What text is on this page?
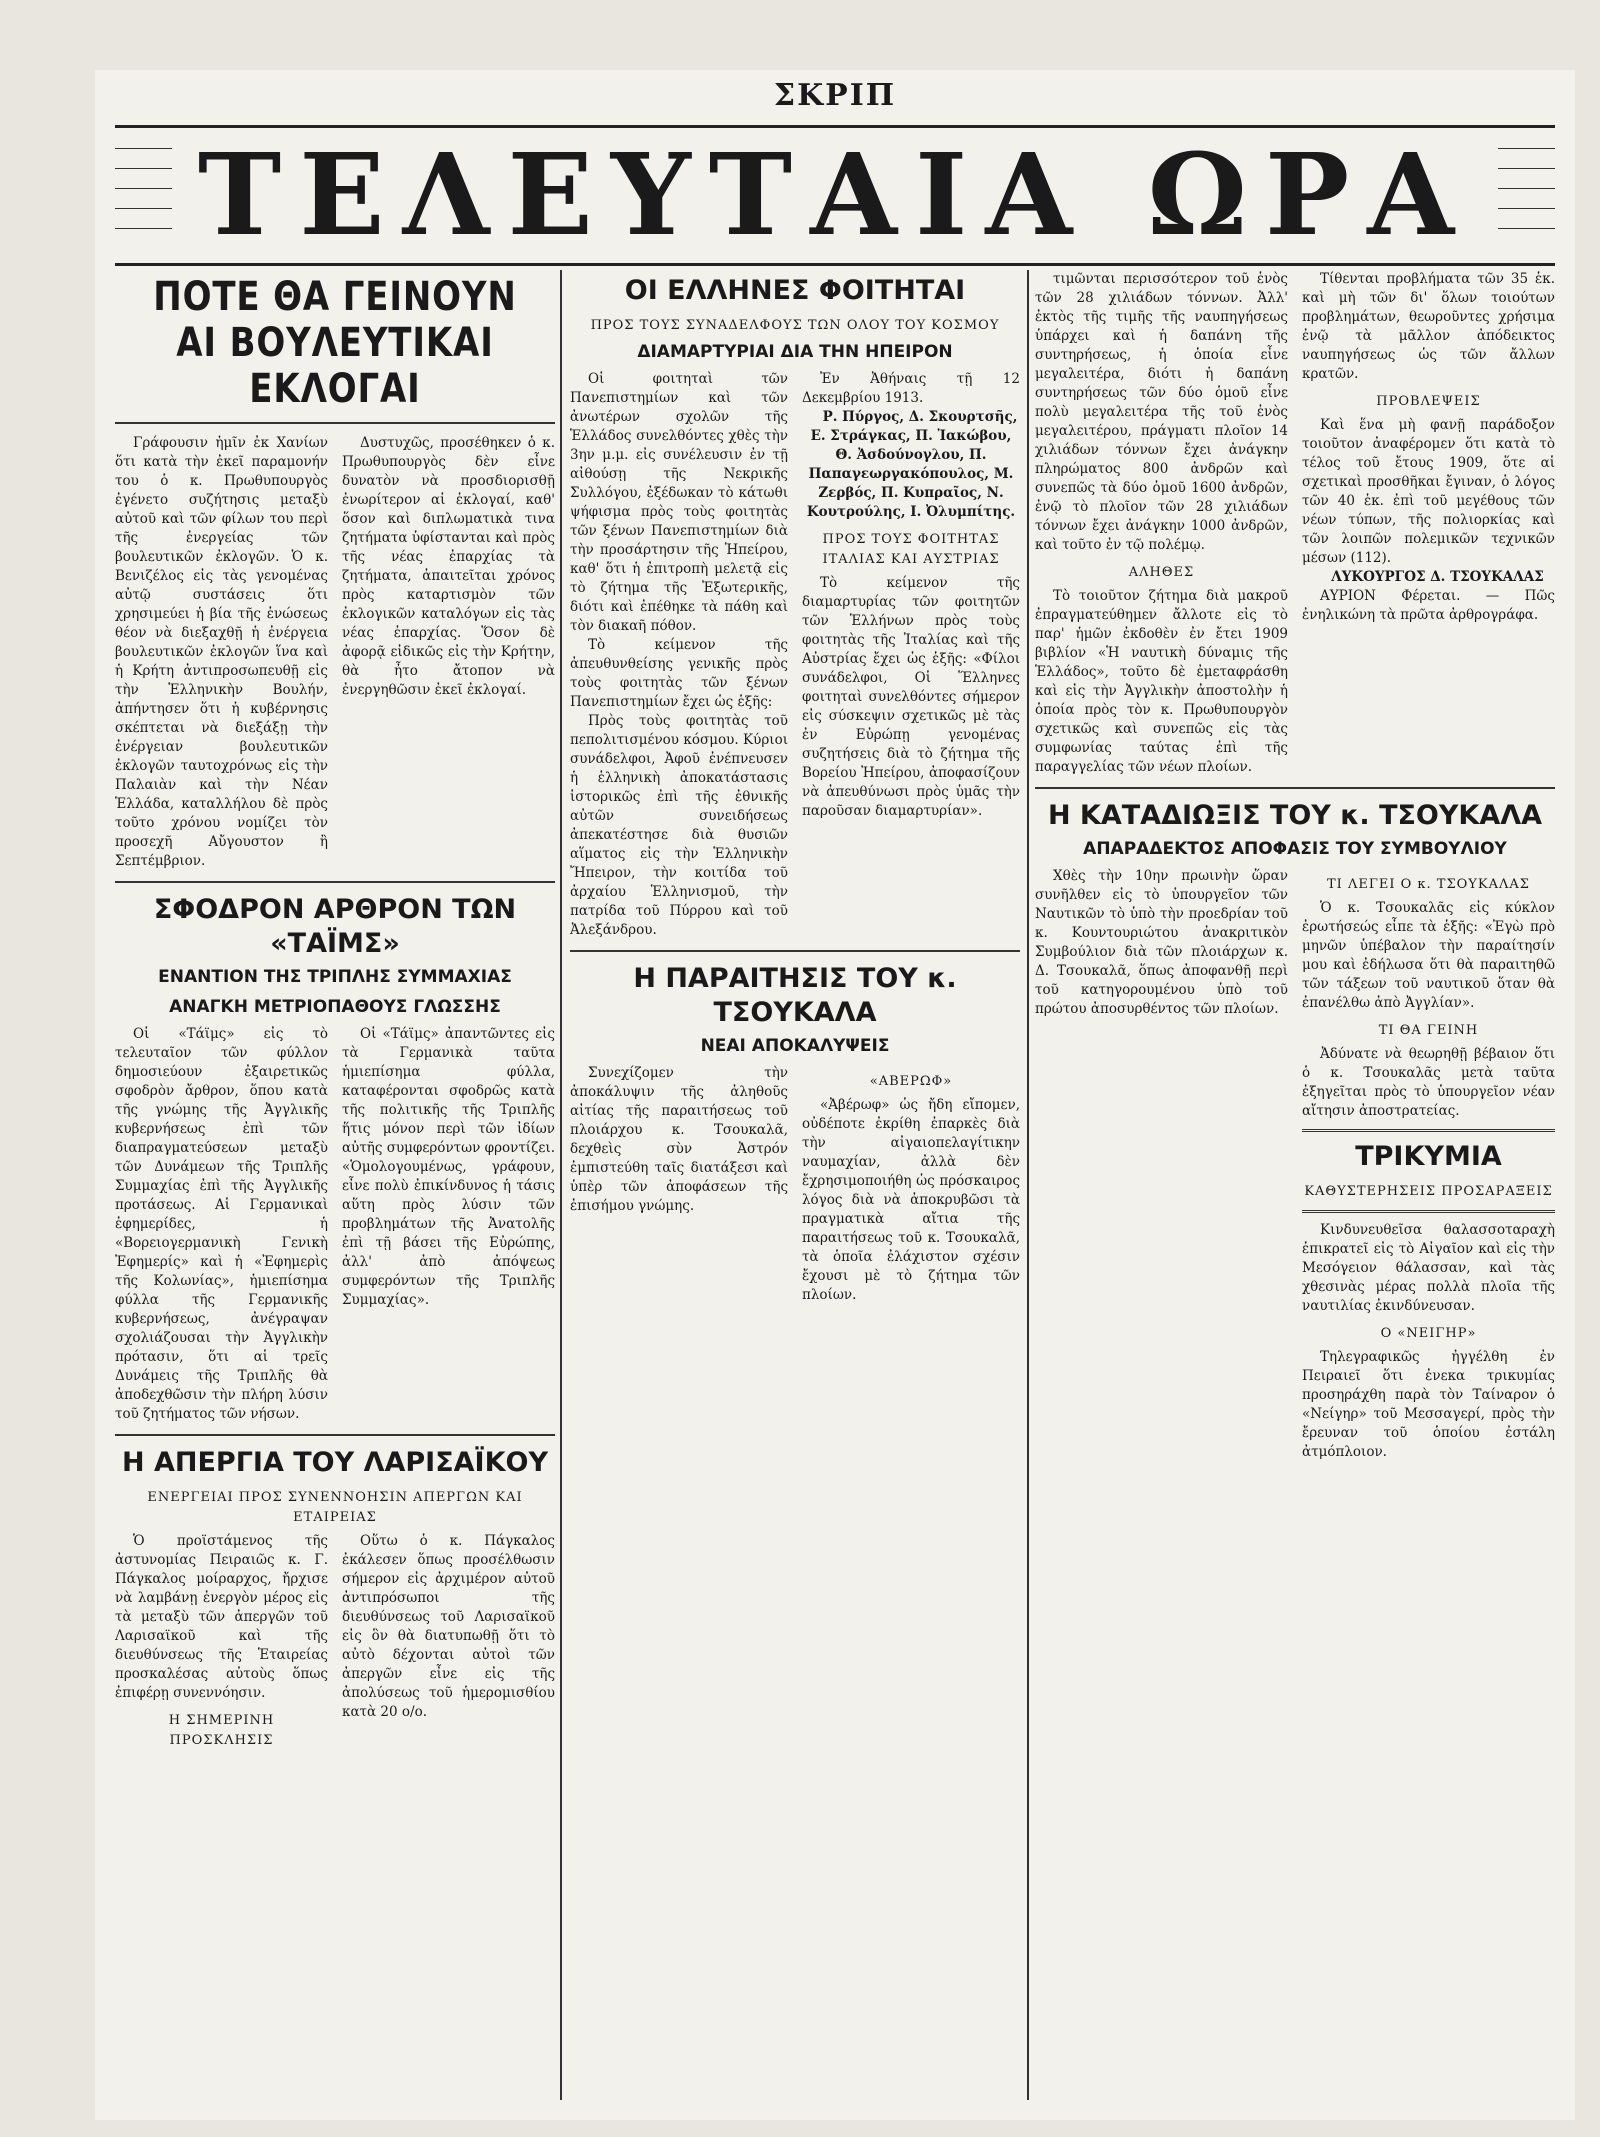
ΣΚΡΙΠ
ΤΕΛΕΥΤΑΙΑ ΩΡΑ
ΠΟΤΕ ΘΑ ΓΕΙΝΟΥΝ ΑΙ ΒΟΥΛΕΥΤΙΚΑΙ ΕΚΛΟΓΑΙ

Γράφουσιν ἡμῖν ἐκ Χανίων ὅτι κατὰ τὴν ἐκεῖ παραμονήν του ὁ κ. Πρωθυπουργὸς ἐγένετο συζήτησις μεταξὺ αὐτοῦ καὶ τῶν φίλων του περὶ τῆς ἐνεργείας τῶν βουλευτικῶν ἐκλογῶν. Ὁ κ. Βενιζέλος εἰς τὰς γενομένας αὐτῷ συστάσεις ὅτι χρησιμεύει ἡ βία τῆς ἑνώσεως θέον νὰ διεξαχθῇ ἡ ἐνέργεια βουλευτικῶν ἐκλογῶν ἵνα καὶ ἡ Κρήτη ἀντιπροσωπευθῇ εἰς τὴν Ἑλληνικὴν Βουλήν, ἀπήντησεν ὅτι ἡ κυβέρνησις σκέπτεται νὰ διεξάξῃ τὴν ἐνέργειαν βουλευτικῶν ἐκλογῶν ταυτοχρόνως εἰς τὴν Παλαιὰν καὶ τὴν Νέαν Ἑλλάδα, καταλλήλου δὲ πρὸς τοῦτο χρόνου νομίζει τὸν προσεχῆ Αὔγουστον ἢ Σεπτέμβριον.

Δυστυχῶς, προσέθηκεν ὁ κ. Πρωθυπουργὸς δὲν εἶνε δυνατὸν νὰ προσδιορισθῇ ἐνωρίτερον αἱ ἐκλογαί, καθ' ὅσον καὶ διπλωματικὰ τινα ζητήματα ὑφίστανται καὶ πρὸς τῆς νέας ἐπαρχίας τὰ ζητήματα, ἀπαιτεῖται χρόνος πρὸς καταρτισμὸν τῶν ἐκλογικῶν καταλόγων εἰς τὰς νέας ἐπαρχίας. Ὅσον δὲ ἀφορᾷ εἰδικῶς εἰς τὴν Κρήτην, θὰ ἦτο ἄτοπον νὰ ἐνεργηθῶσιν ἐκεῖ ἐκλογαί.

ΣΦΟΔΡΟΝ ΑΡΘΡΟΝ ΤΩΝ «ΤΑΪΜΣ»
ΕΝΑΝΤΙΟΝ ΤΗΣ ΤΡΙΠΛΗΣ ΣΥΜΜΑΧΙΑΣ
ΑΝΑΓΚΗ ΜΕΤΡΙΟΠΑΘΟΥΣ ΓΛΩΣΣΗΣ

Οἱ «Τάϊμς» εἰς τὸ τελευταῖον τῶν φύλλον δημοσιεύουν ἐξαιρετικῶς σφοδρὸν ἄρθρον, ὅπου κατὰ τῆς γνώμης τῆς Ἀγγλικῆς κυβερνήσεως ἐπὶ τῶν διαπραγματεύσεων μεταξὺ τῶν Δυνάμεων τῆς Τριπλῆς Συμμαχίας ἐπὶ τῆς Ἀγγλικῆς προτάσεως. Αἱ Γερμανικαὶ ἐφημερίδες, ἡ «Βορειογερμανικὴ Γενικὴ Ἐφημερίς» καὶ ἡ «Ἐφημερὶς τῆς Κολωνίας», ἡμιεπίσημα φύλλα τῆς Γερμανικῆς κυβερνήσεως, ἀνέγραψαν σχολιάζουσαι τὴν Ἀγγλικὴν πρότασιν, ὅτι αἱ τρεῖς Δυνάμεις τῆς Τριπλῆς θὰ ἀποδεχθῶσιν τὴν πλήρη λύσιν τοῦ ζητήματος τῶν νήσων.

Οἱ «Τάϊμς» ἀπαντῶντες εἰς τὰ Γερμανικὰ ταῦτα ἡμιεπίσημα φύλλα, καταφέρονται σφοδρῶς κατὰ τῆς πολιτικῆς τῆς Τριπλῆς ἥτις μόνον περὶ τῶν ἰδίων αὐτῆς συμφερόντων φροντίζει. «Ὁμολογουμένως, γράφουν, εἶνε πολὺ ἐπικίνδυνος ἡ τάσις αὕτη πρὸς λύσιν τῶν προβλημάτων τῆς Ἀνατολῆς ἐπὶ τῇ βάσει τῆς Εὐρώπης, ἀλλ' ἀπὸ ἀπόψεως συμφερόντων τῆς Τριπλῆς Συμμαχίας».

Η ΑΠΕΡΓΙΑ ΤΟΥ ΛΑΡΙΣΑΪΚΟΥ
ΕΝΕΡΓΕΙΑΙ ΠΡΟΣ ΣΥΝΕΝΝΟΗΣΙΝ ΑΠΕΡΓΩΝ ΚΑΙ ΕΤΑΙΡΕΙΑΣ

Ὁ προϊστάμενος τῆς ἀστυνομίας Πειραιῶς κ. Γ. Πάγκαλος μοίραρχος, ἤρχισε νὰ λαμβάνῃ ἐνεργὸν μέρος εἰς τὰ μεταξὺ τῶν ἀπεργῶν τοῦ Λαρισαϊκοῦ καὶ τῆς διευθύνσεως τῆς Ἑταιρείας προσκαλέσας αὐτοὺς ὅπως ἐπιφέρῃ συνεννόησιν.

Η ΣΗΜΕΡΙΝΗ ΠΡΟΣΚΛΗΣΙΣ

Οὕτω ὁ κ. Πάγκαλος ἐκάλεσεν ὅπως προσέλθωσιν σήμερον εἰς ἀρχιμέρον αὐτοῦ ἀντιπρόσωποι τῆς διευθύνσεως τοῦ Λαρισαϊκοῦ εἰς ὃν θὰ διατυπωθῇ ὅτι τὸ αὐτὸ δέχονται αὐτοὶ τῶν ἀπεργῶν εἶνε εἰς τῆς ἀπολύσεως τοῦ ἡμερομισθίου κατὰ 20 ο/ο.

ΟΙ ΕΛΛΗΝΕΣ ΦΟΙΤΗΤΑΙ
ΠΡΟΣ ΤΟΥΣ ΣΥΝΑΔΕΛΦΟΥΣ ΤΩΝ ΟΛΟΥ ΤΟΥ ΚΟΣΜΟΥ
ΔΙΑΜΑΡΤΥΡΙΑΙ ΔΙΑ ΤΗΝ ΗΠΕΙΡΟΝ

Οἱ φοιτηταὶ τῶν Πανεπιστημίων καὶ τῶν ἀνωτέρων σχολῶν τῆς Ἑλλάδος συνελθόντες χθὲς τὴν 3ην μ.μ. εἰς συνέλευσιν ἐν τῇ αἰθούσῃ τῆς Νεκρικῆς Συλλόγου, ἐξέδωκαν τὸ κάτωθι ψήφισμα πρὸς τοὺς φοιτητὰς τῶν ξένων Πανεπιστημίων διὰ τὴν προσάρτησιν τῆς Ἠπείρου, καθ' ὅτι ἡ ἐπιτροπὴ μελετᾷ εἰς τὸ ζήτημα τῆς Ἐξωτερικῆς, διότι καὶ ἐπέθηκε τὰ πάθη καὶ τὸν διακαῆ πόθον.

Τὸ κείμενον τῆς ἀπευθυνθείσης γενικῆς πρὸς τοὺς φοιτητὰς τῶν ξένων Πανεπιστημίων ἔχει ὡς ἑξῆς:

Πρὸς τοὺς φοιτητὰς τοῦ πεπολιτισμένου κόσμου. Κύριοι συνάδελφοι, Ἀφοῦ ἐνέπνευσεν ἡ ἑλληνικὴ ἀποκατάστασις ἱστορικῶς ἐπὶ τῆς ἐθνικῆς αὐτῶν συνειδήσεως ἀπεκατέστησε διὰ θυσιῶν αἵματος εἰς τὴν Ἑλληνικὴν Ἤπειρον, τὴν κοιτίδα τοῦ ἀρχαίου Ἑλληνισμοῦ, τὴν πατρίδα τοῦ Πύρρου καὶ τοῦ Ἀλεξάνδρου.

Ἐν Ἀθήναις τῇ 12 Δεκεμβρίου 1913.

Ρ. Πύργος, Δ. Σκουρτσῆς, Ε. Στράγκας, Π. Ἰακώβου, Θ. Ἀσδούνογλου, Π. Παπαγεωργακόπουλος, Μ. Ζερβός, Π. Κυπραῖος, Ν. Κουτρούλης, Ι. Ὀλυμπίτης.

ΠΡΟΣ ΤΟΥΣ ΦΟΙΤΗΤΑΣ ΙΤΑΛΙΑΣ ΚΑΙ ΑΥΣΤΡΙΑΣ

Τὸ κείμενον τῆς διαμαρτυρίας τῶν φοιτητῶν τῶν Ἑλλήνων πρὸς τοὺς φοιτητὰς τῆς Ἰταλίας καὶ τῆς Αὐστρίας ἔχει ὡς ἑξῆς: «Φίλοι συνάδελφοι, Οἱ Ἕλληνες φοιτηταὶ συνελθόντες σήμερον εἰς σύσκεψιν σχετικῶς μὲ τὰς ἐν Εὐρώπῃ γενομένας συζητήσεις διὰ τὸ ζήτημα τῆς Βορείου Ἠπείρου, ἀποφασίζουν νὰ ἀπευθύνωσι πρὸς ὑμᾶς τὴν παροῦσαν διαμαρτυρίαν».

Η ΠΑΡΑΙΤΗΣΙΣ ΤΟΥ κ. ΤΣΟΥΚΑΛΑ
ΝΕΑΙ ΑΠΟΚΑΛΥΨΕΙΣ

Συνεχίζομεν τὴν ἀποκάλυψιν τῆς ἀληθοῦς αἰτίας τῆς παραιτήσεως τοῦ πλοιάρχου κ. Τσουκαλᾶ, δεχθεὶς σὺν Ἀστρόν ἐμπιστεύθη ταῖς διατάξεσι καὶ ὑπὲρ τῶν ἀποφάσεων τῆς ἐπισήμου γνώμης.

«ΑΒΕΡΩΦ»

«Ἀβέρωφ» ὡς ἤδη εἴπομεν, οὐδέποτε ἐκρίθη ἐπαρκὲς διὰ τὴν αἰγαιοπελαγίτικην ναυμαχίαν, ἀλλὰ δὲν ἔχρησιμοποιήθη ὡς πρόσκαιρος λόγος διὰ νὰ ἀποκρυβῶσι τὰ πραγματικὰ αἴτια τῆς παραιτήσεως τοῦ κ. Τσουκαλᾶ, τὰ ὁποῖα ἐλάχιστον σχέσιν ἔχουσι μὲ τὸ ζήτημα τῶν πλοίων.

τιμῶνται περισσότερον τοῦ ἑνὸς τῶν 28 χιλιάδων τόννων. Ἀλλ' ἐκτὸς τῆς τιμῆς τῆς ναυπηγήσεως ὑπάρχει καὶ ἡ δαπάνη τῆς συντηρήσεως, ἡ ὁποία εἶνε μεγαλειτέρα, διότι ἡ δαπάνη συντηρήσεως τῶν δύο ὁμοῦ εἶνε πολὺ μεγαλειτέρα τῆς τοῦ ἑνὸς μεγαλειτέρου, πράγματι πλοῖον 14 χιλιάδων τόννων ἔχει ἀνάγκην πληρώματος 800 ἀνδρῶν καὶ συνεπῶς τὰ δύο ὁμοῦ 1600 ἀνδρῶν, ἐνῷ τὸ πλοῖον τῶν 28 χιλιάδων τόννων ἔχει ἀνάγκην 1000 ἀνδρῶν, καὶ τοῦτο ἐν τῷ πολέμῳ.

ΑΛΗΘΕΣ

Τὸ τοιοῦτον ζήτημα διὰ μακροῦ ἐπραγματεύθημεν ἄλλοτε εἰς τὸ παρ' ἡμῶν ἐκδοθὲν ἐν ἔτει 1909 βιβλίον «Ἡ ναυτικὴ δύναμις τῆς Ἑλλάδος», τοῦτο δὲ ἐμεταφράσθη καὶ εἰς τὴν Ἀγγλικὴν ἀποστολὴν ἡ ὁποία πρὸς τὸν κ. Πρωθυπουργὸν σχετικῶς καὶ συνεπῶς εἰς τὰς συμφωνίας ταύτας ἐπὶ τῆς παραγγελίας τῶν νέων πλοίων.

Τίθενται προβλήματα τῶν 35 ἑκ. καὶ μὴ τῶν δι' ὅλων τοιούτων προβλημάτων, θεωροῦντες χρήσιμα ἐνῷ τὰ μᾶλλον ἀπόδεικτος ναυπηγήσεως ὡς τῶν ἄλλων κρατῶν.

ΠΡΟΒΛΕΨΕΙΣ

Καὶ ἕνα μὴ φανῇ παράδοξον τοιοῦτον ἀναφέρομεν ὅτι κατὰ τὸ τέλος τοῦ ἔτους 1909, ὅτε αἱ σχετικαὶ προσθῆκαι ἔγιναν, ὁ λόγος τῶν 40 ἑκ. ἐπὶ τοῦ μεγέθους τῶν νέων τύπων, τῆς πολιορκίας καὶ τῶν λοιπῶν πολεμικῶν τεχνικῶν μέσων (112).

ΛΥΚΟΥΡΓΟΣ Δ. ΤΣΟΥΚΑΛΑΣ

ΑΥΡΙΟΝ Φέρεται. — Πῶς ἐνηλικώνη τὰ πρῶτα ἀρθρογράφα.

Η ΚΑΤΑΔΙΩΞΙΣ ΤΟΥ κ. ΤΣΟΥΚΑΛΑ
ΑΠΑΡΑΔΕΚΤΟΣ ΑΠΟΦΑΣΙΣ ΤΟΥ ΣΥΜΒΟΥΛΙΟΥ

Χθὲς τὴν 10ην πρωινὴν ὥραν συνῆλθεν εἰς τὸ ὑπουργεῖον τῶν Ναυτικῶν τὸ ὑπὸ τὴν προεδρίαν τοῦ κ. Κουντουριώτου ἀνακριτικὸν Συμβούλιον διὰ τῶν πλοιάρχων κ. Δ. Τσουκαλᾶ, ὅπως ἀποφανθῇ περὶ τοῦ κατηγορουμένου ὑπὸ τοῦ πρώτου ἀποσυρθέντος τῶν πλοίων.

ΤΙ ΛΕΓΕΙ Ο κ. ΤΣΟΥΚΑΛΑΣ

Ὁ κ. Τσουκαλᾶς εἰς κύκλον ἐρωτήσεώς εἶπε τὰ ἑξῆς: «Ἐγὼ πρὸ μηνῶν ὑπέβαλον τὴν παραίτησίν μου καὶ ἐδήλωσα ὅτι θὰ παραιτηθῶ τῶν τάξεων τοῦ ναυτικοῦ ὅταν θὰ ἐπανέλθω ἀπὸ Ἀγγλίαν».

ΤΙ ΘΑ ΓΕΙΝΗ

Ἀδύνατε νὰ θεωρηθῇ βέβαιον ὅτι ὁ κ. Τσουκαλᾶς μετὰ ταῦτα ἐξηγεῖται πρὸς τὸ ὑπουργεῖον νέαν αἴτησιν ἀποστρατείας.

ΤΡΙΚΥΜΙΑ
ΚΑΘΥΣΤΕΡΗΣΕΙΣ ΠΡΟΣΑΡΑΞΕΙΣ

Κινδυνευθεῖσα θαλασσοταραχὴ ἐπικρατεῖ εἰς τὸ Αἰγαῖον καὶ εἰς τὴν Μεσόγειον θάλασσαν, καὶ τὰς χθεσινὰς μέρας πολλὰ πλοῖα τῆς ναυτιλίας ἐκινδύνευσαν.

Ο «ΝΕΙΓΗΡ»

Τηλεγραφικῶς ἠγγέλθη ἐν Πειραιεῖ ὅτι ἐνεκα τρικυμίας προσηράχθη παρὰ τὸν Ταίναρον ὁ «Νείγηρ» τοῦ Μεσσαγερί, πρὸς τὴν ἔρευναν τοῦ ὁποίου ἐστάλη ἀτμόπλοιον.
